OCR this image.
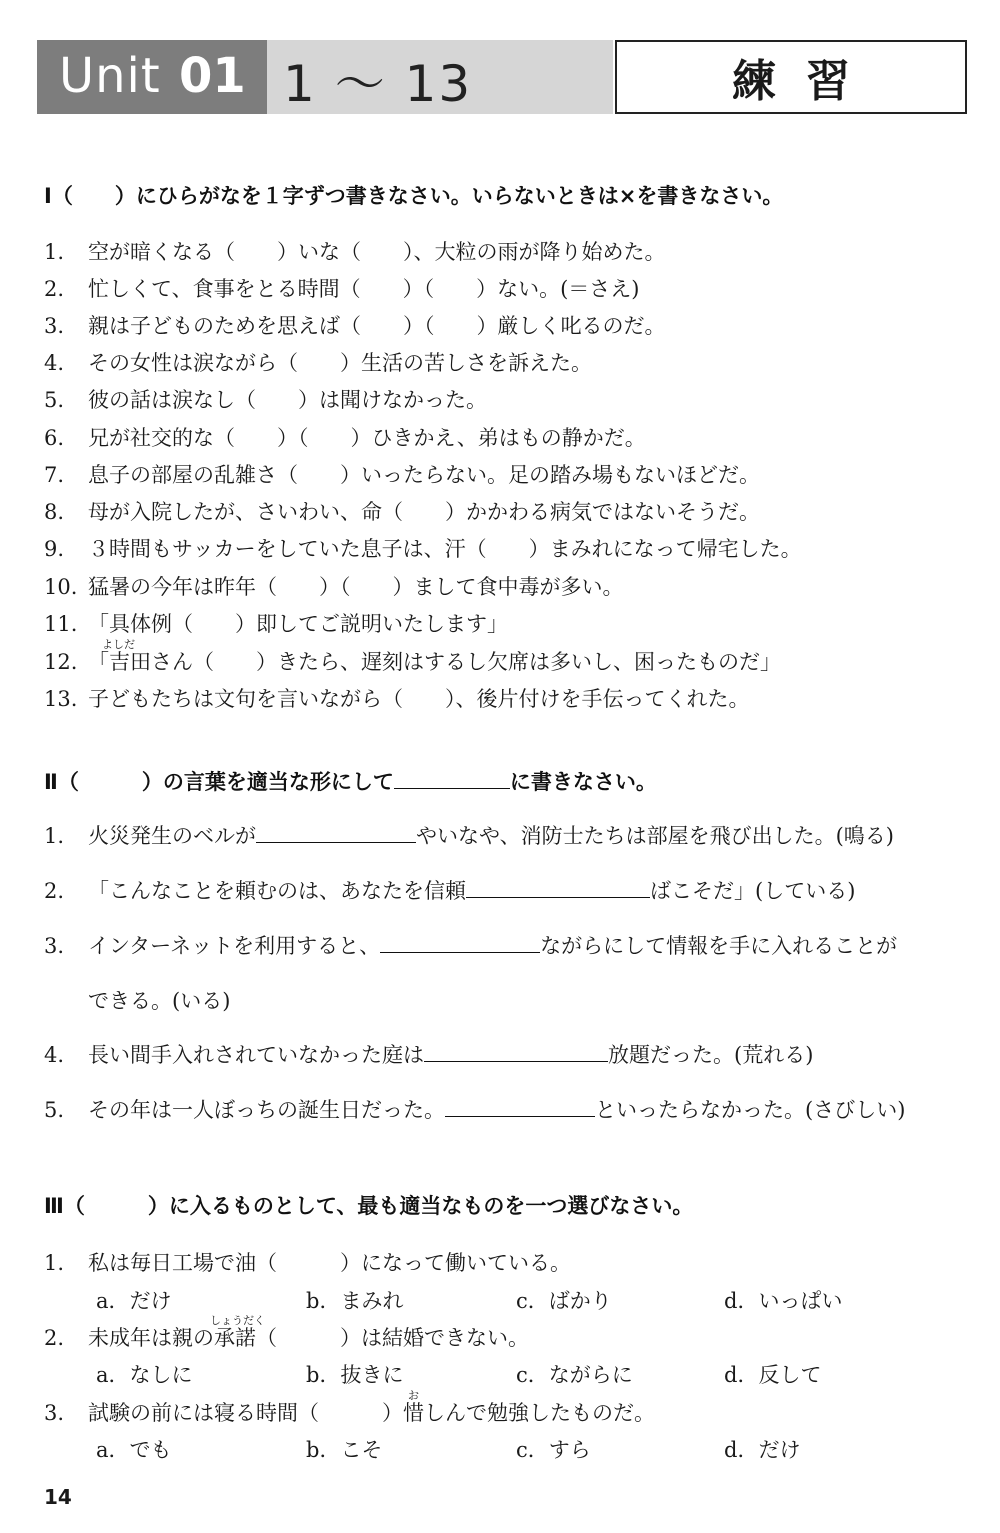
Unit 01 1 〜 13	練習
Ⅰ（　　）にひらがなを１字ずつ書きなさい。いらないときは×を書きなさい。
1. 空が暗くなる（　　）いな（　　）、大粒の雨が降り始めた。
2. 忙しくて、食事をとる時間（　　）（　　）ない。(＝さえ)
3. 親は子どものためを思えば（　　）（　　）厳しく叱るのだ。
4. その女性は涙ながら（　　）生活の苦しさを訴えた。
5. 彼の話は涙なし（　　）は聞けなかった。
6. 兄が社交的な（　　）（　　）ひきかえ、弟はもの静かだ。
7. 息子の部屋の乱雑さ（　　）いったらない。足の踏み場もないほどだ。
8. 母が入院したが、さいわい、命（　　）かかわる病気ではないそうだ。
9. ３時間もサッカーをしていた息子は、汗（　　）まみれになって帰宅した。
10. 猛暑の今年は昨年（　　）（　　）まして食中毒が多い。
11. 「具体例（　　）即してご説明いたします」
12.
よしだ
「吉田さん（　　）きたら、遅刻はするし欠席は多いし、困ったものだ」
13. 子どもたちは文句を言いながら（　　）、後片付けを手伝ってくれた。
Ⅱ（　　　）の言葉を適当な形にして	に書きなさい。
1. 火災発生のベルが	やいなや、消防士たちは部屋を飛び出した。(鳴る)
2. 「こんなことを頼むのは、あなたを信頼	ばこそだ」(している)
3. インターネットを利用すると、	ながらにして情報を手に入れることが
できる。(いる)
4. 長い間手入れされていなかった庭は	放題だった。(荒れる)
5. その年は一人ぼっちの誕生日だった。	といったらなかった。(さびしい)
Ⅲ（　　　）に入るものとして、最も適当なものを一つ選びなさい。
1. 私は毎日工場で油（　　　）になって働いている。
a．だけ	b．まみれ	c．ばかり	d．いっぱい
2. 未成年は親の
しょうだく
承諾（　　　）は結婚できない。
a．なしに	b．抜きに	c．ながらに	d．反して
3. 試験の前には寝る時間（　　　）
お
惜しんで勉強したものだ。
a．でも	b．こそ	c．すら	d．だけ
14
